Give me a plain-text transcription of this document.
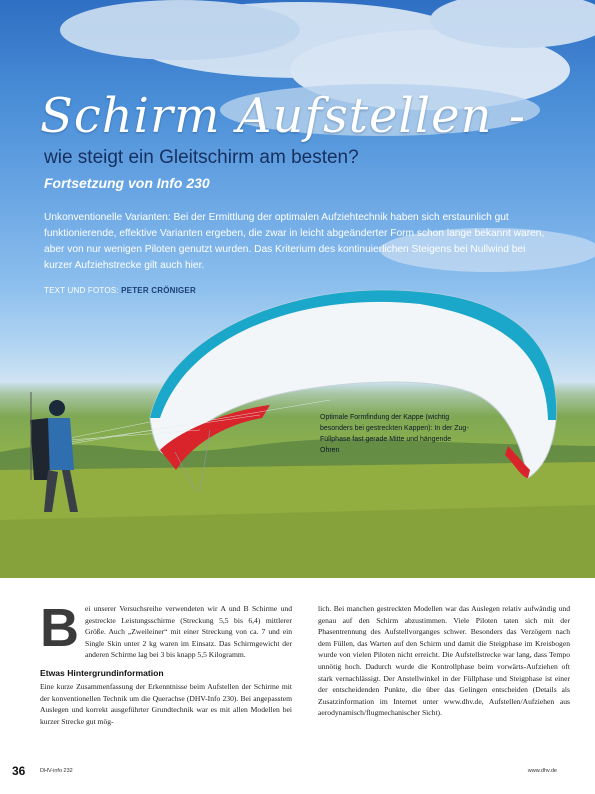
Schirm Aufstellen -
wie steigt ein Gleitschirm am besten?
Fortsetzung von Info 230
Unkonventionelle Varianten: Bei der Ermittlung der optimalen Aufziehtechnik haben sich erstaunlich gut funktionierende, effektive Varianten ergeben, die zwar in leicht abgeänderter Form schon lange bekannt waren, aber von nur wenigen Piloten genutzt wurden. Das Kriterium des kontinuierlichen Steigens bei Nullwind bei kurzer Aufziehstrecke gilt auch hier.
TEXT UND FOTOS: PETER CRÖNIGER
Optimale Formfindung der Kappe (wichtig besonders bei gestreckten Kappen): In der Zug-Füllphase fast gerade Mitte und hängende Ohren

Bei unserer Versuchsreihe verwendeten wir A und B Schirme und gestreckte Leistungsschirme (Streckung 5,5 bis 6,4) mittlerer Größe. Auch „Zweileiner“ mit einer Streckung von ca. 7 und ein Single Skin unter 2 kg waren im Einsatz. Das Schirmgewicht der anderen Schirme lag bei 3 bis knapp 5,5 Kilogramm.

Etwas Hintergrundinformation

Eine kurze Zusammenfassung der Erkenntnisse beim Aufstellen der Schirme mit der konventionellen Technik um die Querachse (DHV-Info 230). Bei angepasstem Auslegen und korrekt ausgeführter Grundtechnik war es mit allen Modellen bei kurzer Strecke gut mög-

lich. Bei manchen gestreckten Modellen war das Auslegen relativ aufwändig und genau auf den Schirm abzustimmen. Viele Piloten taten sich mit der Phasentrennung des Aufstellvorganges schwer. Besonders das Verzögern nach dem Füllen, das Warten auf den Schirm und damit die Steigphase im Kreisbogen wurde von vielen Piloten nicht erreicht. Die Aufstellstrecke war lang, dass Tempo unnötig hoch. Dadurch wurde die Kontrollphase beim vorwärts-Aufziehen oft stark vernachlässigt. Der Anstellwinkel in der Füllphase und Steigphase ist einer der entscheidenden Punkte, die über das Gelingen entscheiden (Details als Zusatzinformation im Internet unter www.dhv.de, Aufstellen/Aufziehen aus aerodynamisch/flugmechanischer Sicht).

36	DHV-info 232	www.dhv.de
